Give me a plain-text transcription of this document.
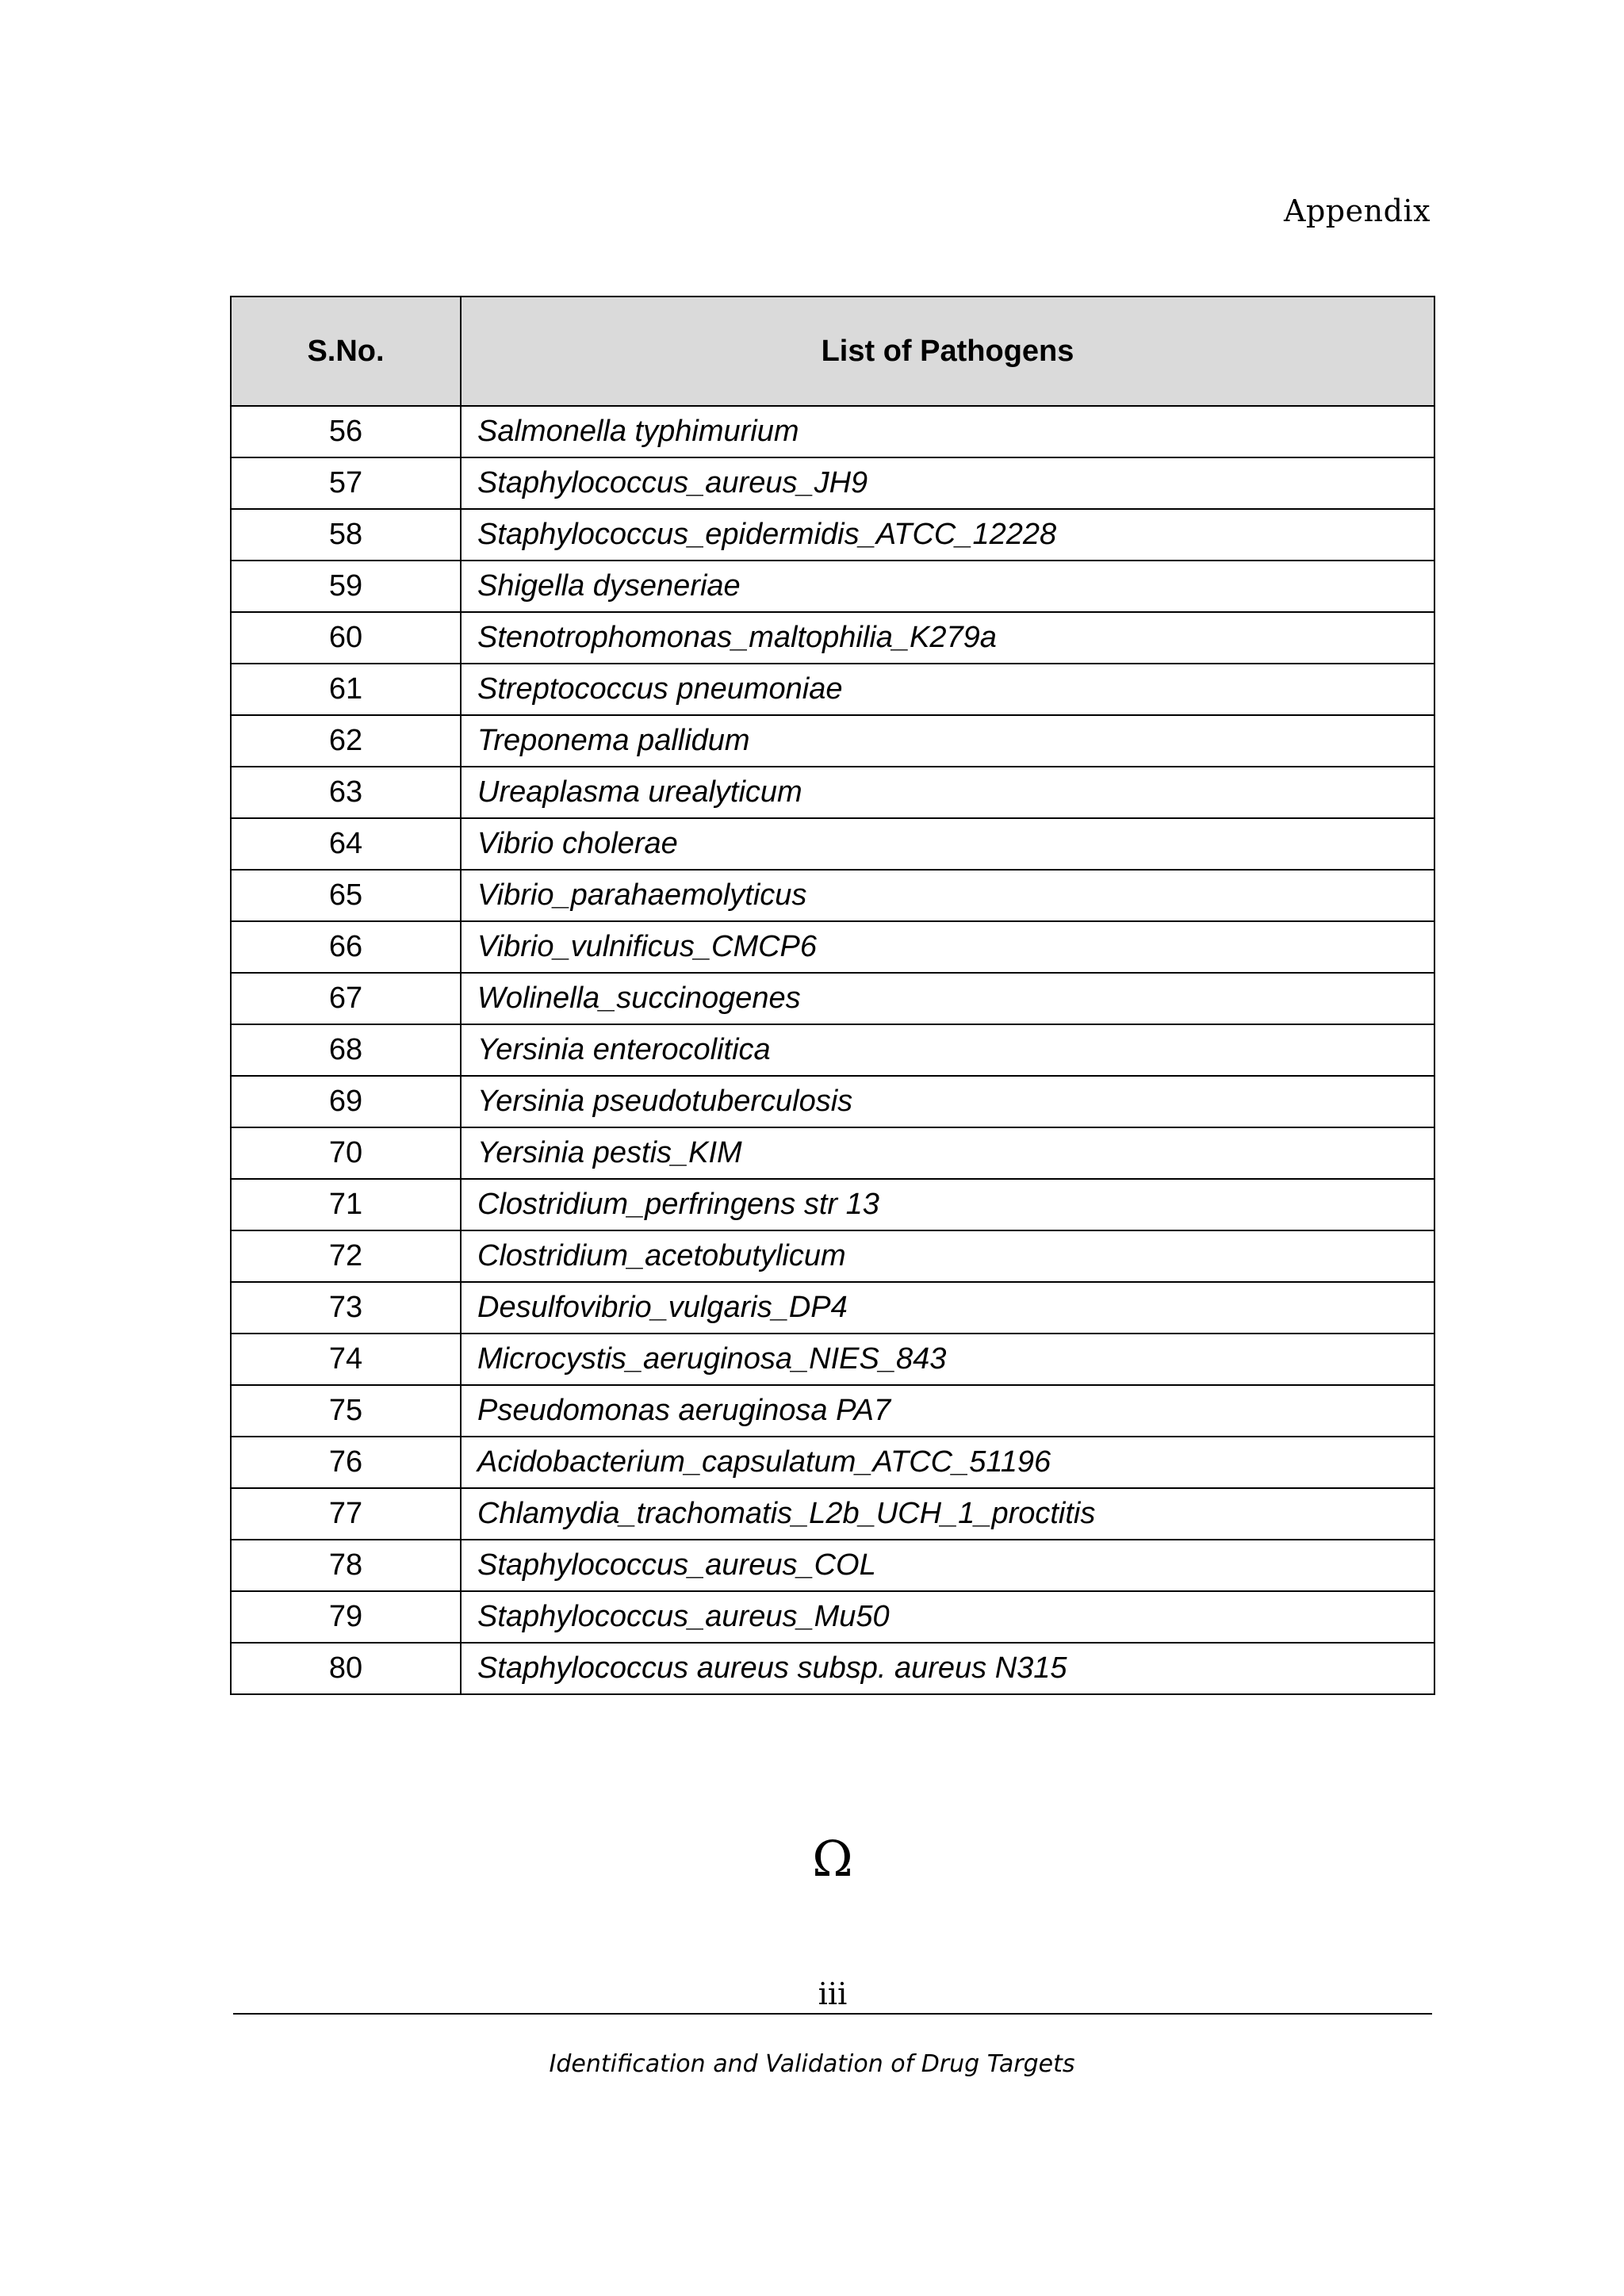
Appendix
S.No.	List of Pathogens
56	Salmonella typhimurium
57	Staphylococcus_aureus_JH9
58	Staphylococcus_epidermidis_ATCC_12228
59	Shigella dyseneriae
60	Stenotrophomonas_maltophilia_K279a
61	Streptococcus pneumoniae
62	Treponema pallidum
63	Ureaplasma urealyticum
64	Vibrio cholerae
65	Vibrio_parahaemolyticus
66	Vibrio_vulnificus_CMCP6
67	Wolinella_succinogenes
68	Yersinia enterocolitica
69	Yersinia pseudotuberculosis
70	Yersinia pestis_KIM
71	Clostridium_perfringens str 13
72	Clostridium_acetobutylicum
73	Desulfovibrio_vulgaris_DP4
74	Microcystis_aeruginosa_NIES_843
75	Pseudomonas aeruginosa PA7
76	Acidobacterium_capsulatum_ATCC_51196
77	Chlamydia_trachomatis_L2b_UCH_1_proctitis
78	Staphylococcus_aureus_COL
79	Staphylococcus_aureus_Mu50
80	Staphylococcus aureus subsp. aureus N315
Ω
iii
Identification and Validation of Drug Targets
